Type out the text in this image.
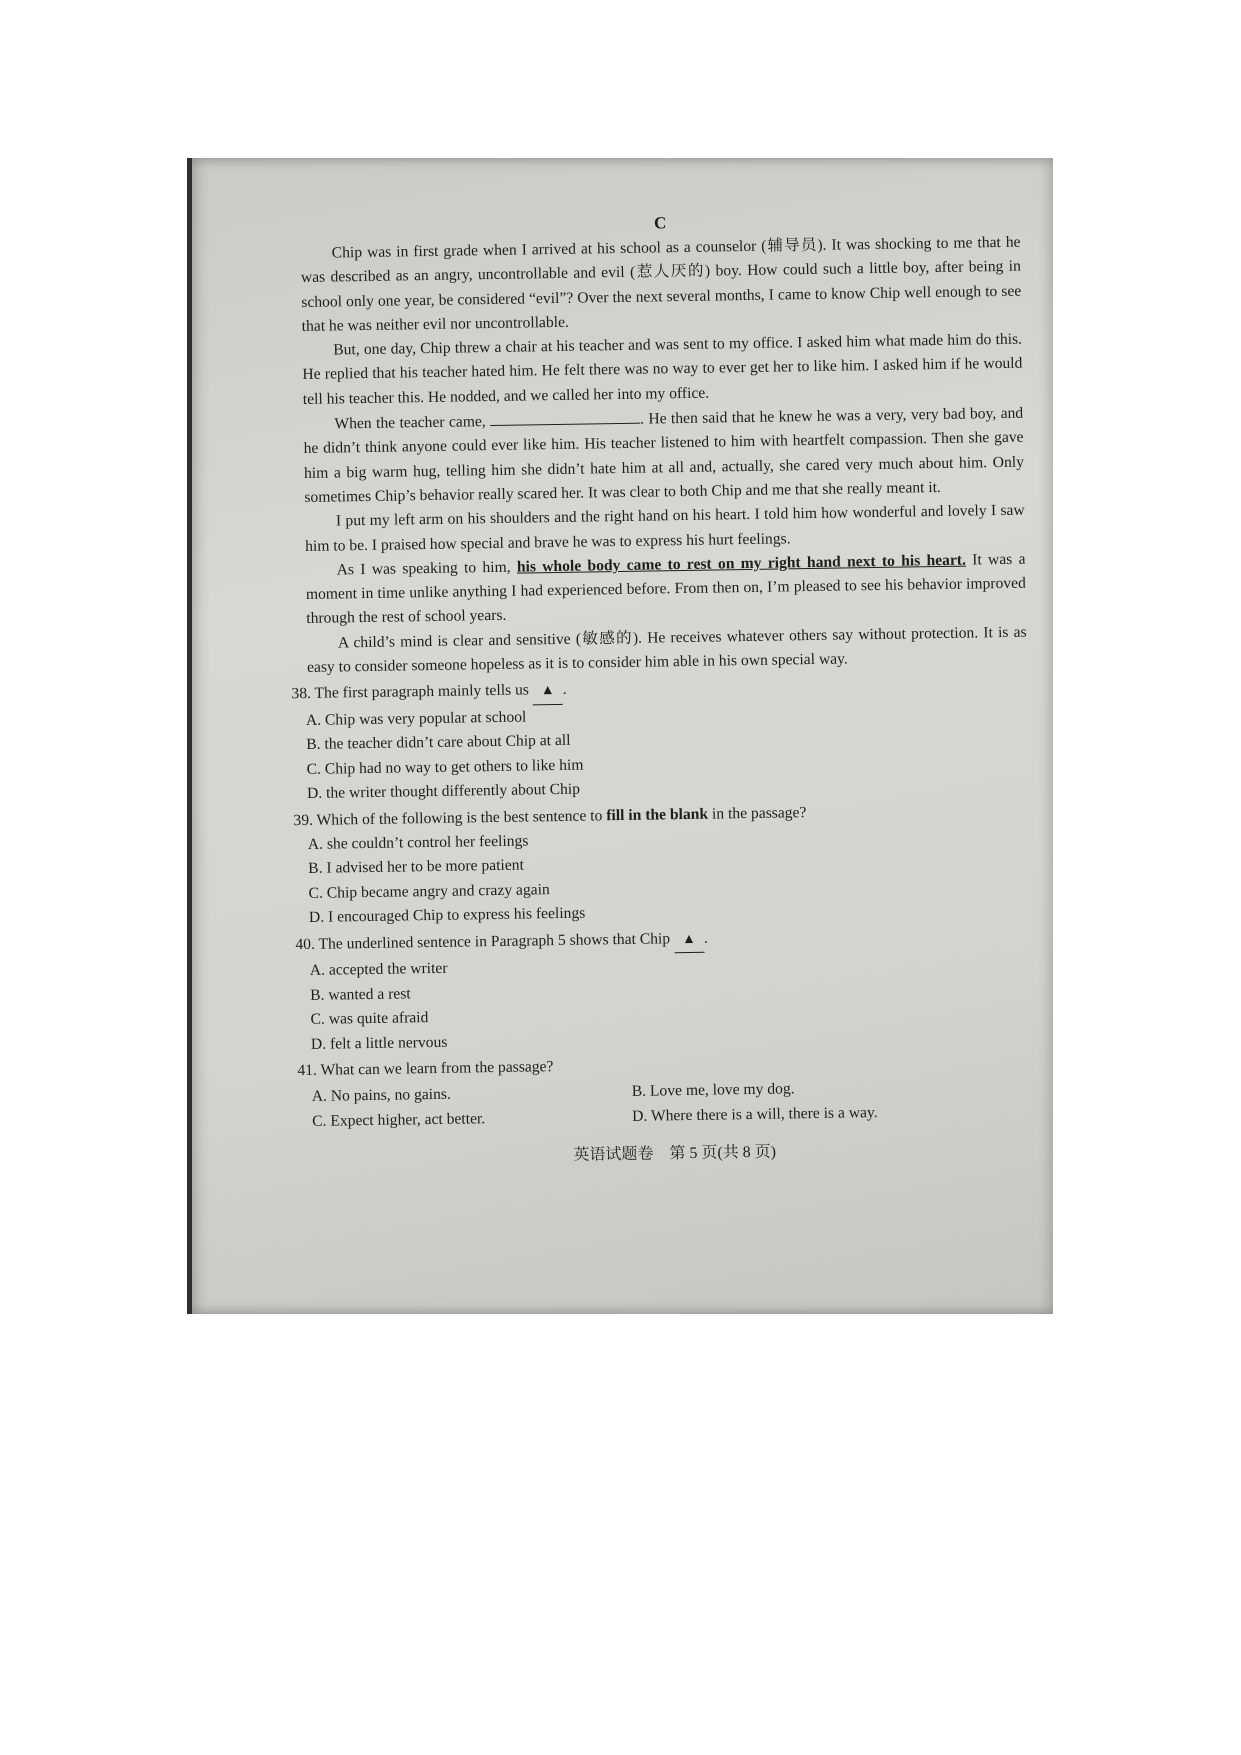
C

Chip was in first grade when I arrived at his school as a counselor (辅导员). It was shocking to me that he was described as an angry, uncontrollable and evil (惹人厌的) boy. How could such a little boy, after being in school only one year, be considered “evil”? Over the next several months, I came to know Chip well enough to see that he was neither evil nor uncontrollable.

But, one day, Chip threw a chair at his teacher and was sent to my office. I asked him what made him do this. He replied that his teacher hated him. He felt there was no way to ever get her to like him. I asked him if he would tell his teacher this. He nodded, and we called her into my office.

When the teacher came,	. He then said that he knew he was a very, very bad boy, and he didn’t think anyone could ever like him. His teacher listened to him with heartfelt compassion. Then she gave him a big warm hug, telling him she didn’t hate him at all and, actually, she cared very much about him. Only sometimes Chip’s behavior really scared her. It was clear to both Chip and me that she really meant it.

I put my left arm on his shoulders and the right hand on his heart. I told him how wonderful and lovely I saw him to be. I praised how special and brave he was to express his hurt feelings.

As I was speaking to him, his whole body came to rest on my right hand next to his heart. It was a moment in time unlike anything I had experienced before. From then on, I’m pleased to see his behavior improved through the rest of school years.

A child’s mind is clear and sensitive (敏感的). He receives whatever others say without protection. It is as easy to consider someone hopeless as it is to consider him able in his own special way.

38. The first paragraph mainly tells us ▲ .
A. Chip was very popular at school
B. the teacher didn’t care about Chip at all
C. Chip had no way to get others to like him
D. the writer thought differently about Chip
39. Which of the following is the best sentence to fill in the blank in the passage?
A. she couldn’t control her feelings
B. I advised her to be more patient
C. Chip became angry and crazy again
D. I encouraged Chip to express his feelings
40. The underlined sentence in Paragraph 5 shows that Chip ▲ .
A. accepted the writer
B. wanted a rest
C. was quite afraid
D. felt a little nervous
41. What can we learn from the passage?
A. No pains, no gains.	B. Love me, love my dog.
C. Expect higher, act better.	D. Where there is a will, there is a way.
英语试题卷　第 5 页(共 8 页)
